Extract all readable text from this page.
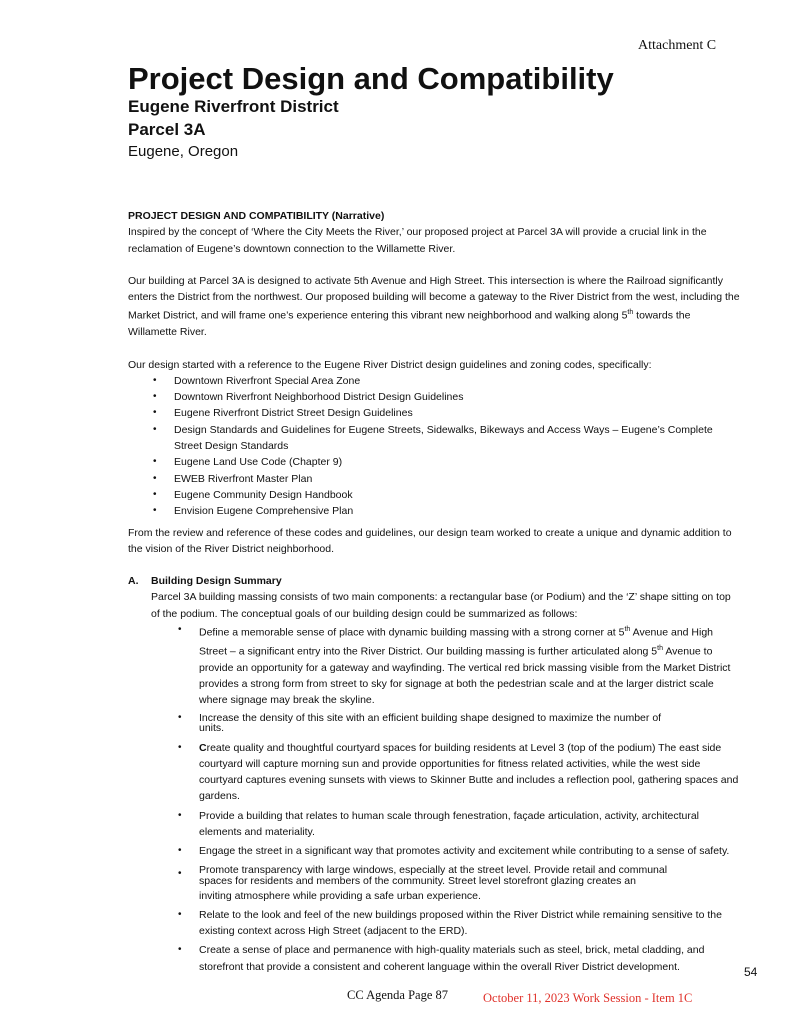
Attachment C
Project Design and Compatibility
Eugene Riverfront District
Parcel 3A
Eugene, Oregon

PROJECT DESIGN AND COMPATIBILITY (Narrative)

Inspired by the concept of ‘Where the City Meets the River,’ our proposed project at Parcel 3A will provide a crucial link in the reclamation of Eugene’s downtown connection to the Willamette River.

Our building at Parcel 3A is designed to activate 5th Avenue and High Street. This intersection is where the Railroad significantly enters the District from the northwest. Our proposed building will become a gateway to the River District from the west, including the Market District, and will frame one’s experience entering this vibrant new neighborhood and walking along 5th towards the Willamette River.

Our design started with a reference to the Eugene River District design guidelines and zoning codes, specifically:

• Downtown Riverfront Special Area Zone
• Downtown Riverfront Neighborhood District Design Guidelines
• Eugene Riverfront District Street Design Guidelines
• Design Standards and Guidelines for Eugene Streets, Sidewalks, Bikeways and Access Ways – Eugene’s Complete Street Design Standards
• Eugene Land Use Code (Chapter 9)
• EWEB Riverfront Master Plan
• Eugene Community Design Handbook
• Envision Eugene Comprehensive Plan

From the review and reference of these codes and guidelines, our design team worked to create a unique and dynamic addition to the vision of the River District neighborhood.

A. Building Design Summary

Parcel 3A building massing consists of two main components: a rectangular base (or Podium) and the ‘Z’ shape sitting on top of the podium. The conceptual goals of our building design could be summarized as follows:

• Define a memorable sense of place with dynamic building massing with a strong corner at 5th Avenue and High Street – a significant entry into the River District. Our building massing is further articulated along 5th Avenue to provide an opportunity for a gateway and wayfinding. The vertical red brick massing visible from the Market District provides a strong form from street to sky for signage at both the pedestrian scale and at the larger district scale where signage may break the skyline.
• Increase the density of this site with an efficient building shape designed to maximize the number of
units.
• Create quality and thoughtful courtyard spaces for building residents at Level 3 (top of the podium) The east side courtyard will capture morning sun and provide opportunities for fitness related activities, while the west side courtyard captures evening sunsets with views to Skinner Butte and includes a reflection pool, gathering spaces and gardens.
• Provide a building that relates to human scale through fenestration, façade articulation, activity, architectural elements and materiality.
• Engage the street in a significant way that promotes activity and excitement while contributing to a sense of safety.
• Promote transparency with large windows, especially at the street level. Provide retail and communal
spaces for residents and members of the community. Street level storefront glazing creates an
inviting atmosphere while providing a safe urban experience.
• Relate to the look and feel of the new buildings proposed within the River District while remaining sensitive to the existing context across High Street (adjacent to the ERD).
• Create a sense of place and permanence with high-quality materials such as steel, brick, metal cladding, and storefront that provide a consistent and coherent language within the overall River District development.	54
CC Agenda Page 87	October 11, 2023 Work Session - Item 1C
